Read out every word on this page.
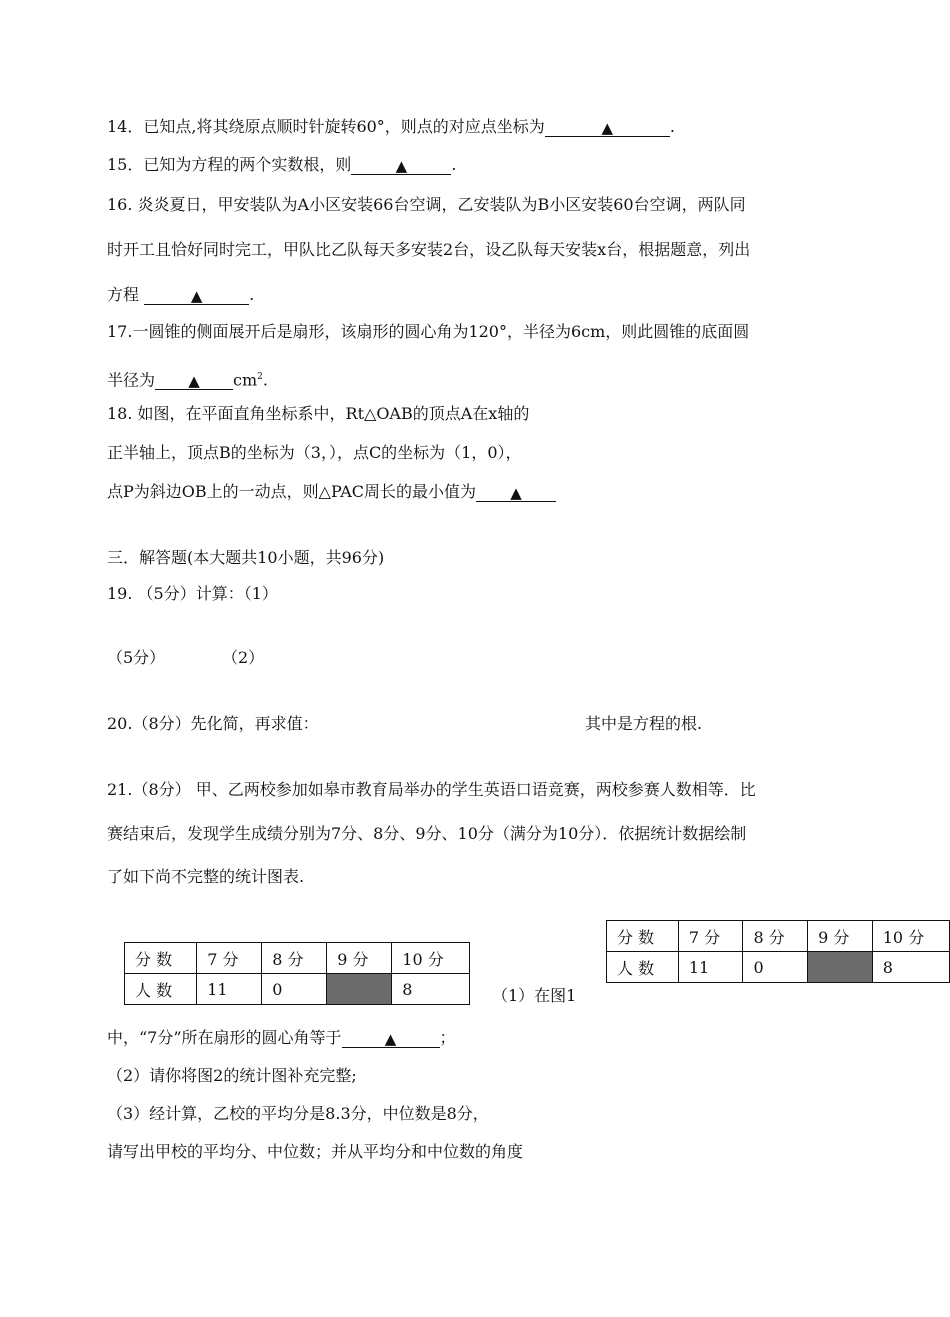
14．已知点,将其绕原点顺时针旋转60°，则点的对应点坐标为	▲	.
15．已知为方程的两个实数根，则	▲	.
16. 炎炎夏日，甲安装队为A小区安装66台空调，乙安装队为B小区安装60台空调，两队同
时开工且恰好同时完工，甲队比乙队每天多安装2台，设乙队每天安装x台，根据题意，列出
方程	▲	.
17.一圆锥的侧面展开后是扇形，该扇形的圆心角为120°，半径为6cm，则此圆锥的底面圆
半径为 ▲ $cm^2$.
18. 如图，在平面直角坐标系中，Rt△OAB的顶点A在x轴的
正半轴上，顶点B的坐标为（3，），点C的坐标为（1，0），
点P为斜边OB上的一动点，则△PAC周长的最小值为 ▲
三．解答题(本大题共10小题，共96分)
19. （5分）计算：（1）
（5分）	（2）
20.（8分）先化简，再求值：	其中是方程的根.
21.（8分） 甲、乙两校参加如皋市教育局举办的学生英语口语竞赛，两校参赛人数相等．比
赛结束后，发现学生成绩分别为7分、8分、9分、10分（满分为10分）．依据统计数据绘制
了如下尚不完整的统计图表.
分 数	7 分	8 分	9 分	10 分
人 数	11	0		8	（1）在图1
分 数	7 分	8 分	9 分	10 分
人 数	11	0		8
中，“7分”所在扇形的圆心角等于	▲	；
（2）请你将图2的统计图补充完整;
（3）经计算，乙校的平均分是8.3分，中位数是8分，
请写出甲校的平均分、中位数；并从平均分和中位数的角度
